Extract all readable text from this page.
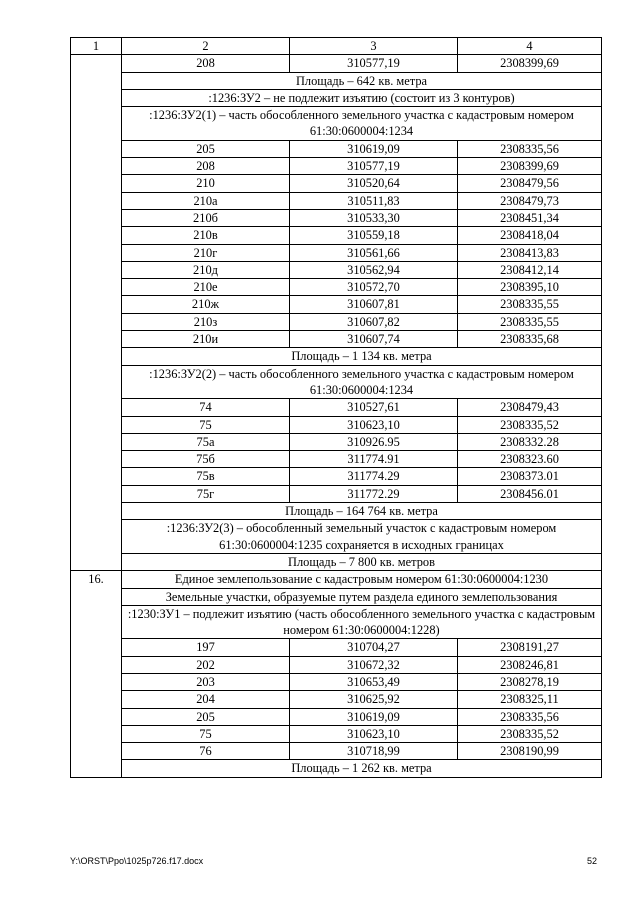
1	2	3	4
	208	310577,19	2308399,69
	Площадь – 642 кв. метра		
	:1236:ЗУ2 – не подлежит изъятию (состоит из 3 контуров)		
	:1236:ЗУ2(1) – часть обособленного земельного участка с кадастровым номером 61:30:0600004:1234		
	205	310619,09	2308335,56
	208	310577,19	2308399,69
	210	310520,64	2308479,56
	210а	310511,83	2308479,73
	210б	310533,30	2308451,34
	210в	310559,18	2308418,04
	210г	310561,66	2308413,83
	210д	310562,94	2308412,14
	210е	310572,70	2308395,10
	210ж	310607,81	2308335,55
	210з	310607,82	2308335,55
	210и	310607,74	2308335,68
	Площадь – 1 134 кв. метра		
	:1236:ЗУ2(2) – часть обособленного земельного участка с кадастровым номером 61:30:0600004:1234		
	74	310527,61	2308479,43
	75	310623,10	2308335,52
	75а	310926.95	2308332.28
	75б	311774.91	2308323.60
	75в	311774.29	2308373.01
	75г	311772.29	2308456.01
	Площадь – 164 764 кв. метра		
	:1236:ЗУ2(3) – обособленный земельный участок с кадастровым номером 61:30:0600004:1235 сохраняется в исходных границах		
	Площадь – 7 800 кв. метров		
16.	Единое землепользование с кадастровым номером 61:30:0600004:1230		
	Земельные участки, образуемые путем раздела единого землепользования		
	:1230:ЗУ1 – подлежит изъятию (часть обособленного земельного участка с кадастровым номером 61:30:0600004:1228)		
	197	310704,27	2308191,27
	202	310672,32	2308246,81
	203	310653,49	2308278,19
	204	310625,92	2308325,11
	205	310619,09	2308335,56
	75	310623,10	2308335,52
	76	310718,99	2308190,99
	Площадь – 1 262 кв. метра		
Y:\ORST\Ppo\1025p726.f17.docx	52
